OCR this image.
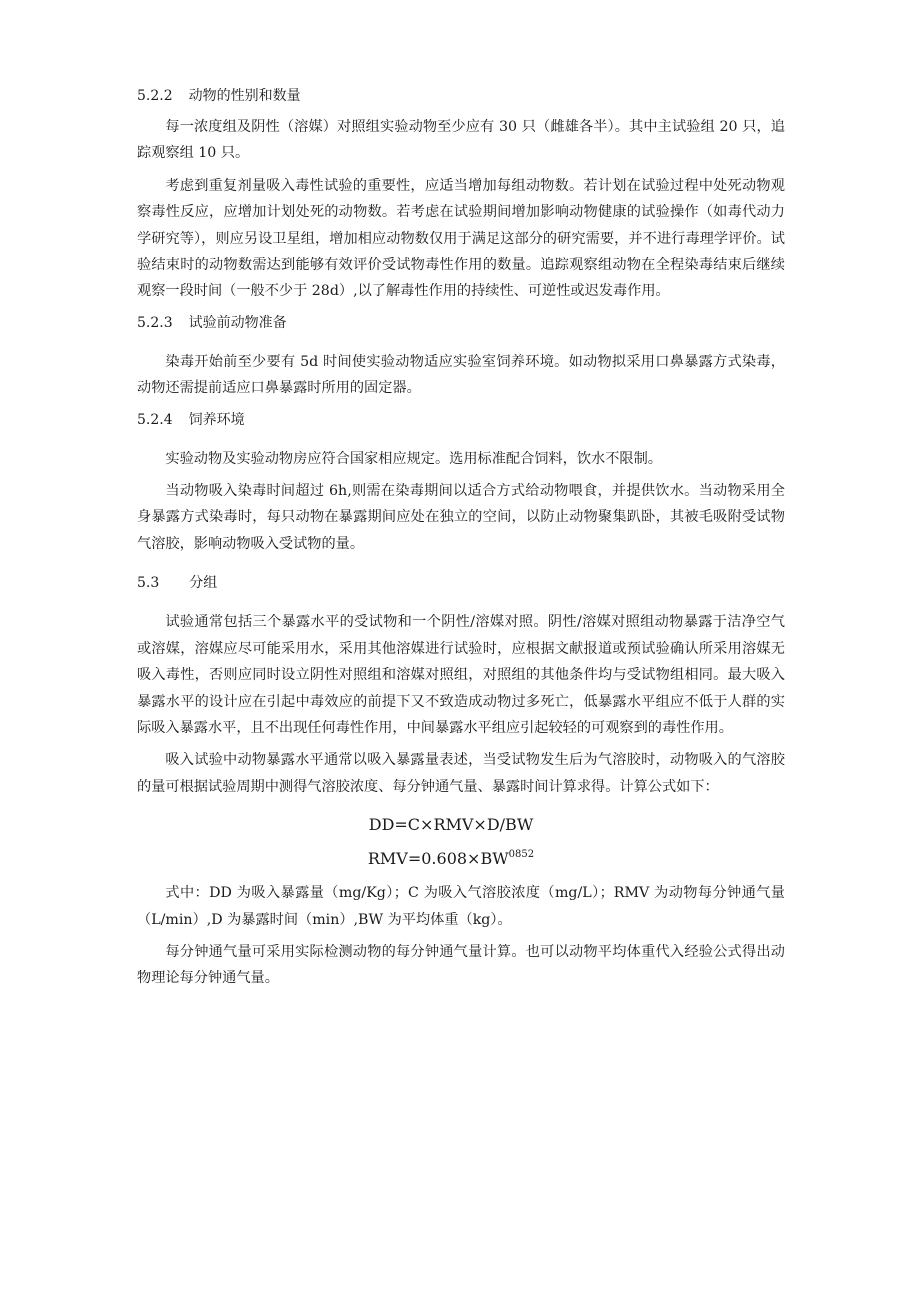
5.2.2 动物的性别和数量

每一浓度组及阴性（溶媒）对照组实验动物至少应有 30 只（雌雄各半）。其中主试验组 20 只，追踪观察组 10 只。

考虑到重复剂量吸入毒性试验的重要性，应适当增加每组动物数。若计划在试验过程中处死动物观察毒性反应，应增加计划处死的动物数。若考虑在试验期间增加影响动物健康的试验操作（如毒代动力学研究等），则应另设卫星组，增加相应动物数仅用于满足这部分的研究需要，并不进行毒理学评价。试验结束时的动物数需达到能够有效评价受试物毒性作用的数量。追踪观察组动物在全程染毒结束后继续观察一段时间（一般不少于 28d）,以了解毒性作用的持续性、可逆性或迟发毒作用。

5.2.3 试验前动物准备

染毒开始前至少要有 5d 时间使实验动物适应实验室饲养环境。如动物拟采用口鼻暴露方式染毒，动物还需提前适应口鼻暴露时所用的固定器。

5.2.4 饲养环境

实验动物及实验动物房应符合国家相应规定。选用标准配合饲料，饮水不限制。

当动物吸入染毒时间超过 6h,则需在染毒期间以适合方式给动物喂食，并提供饮水。当动物采用全身暴露方式染毒时，每只动物在暴露期间应处在独立的空间，以防止动物聚集趴卧，其被毛吸附受试物气溶胶，影响动物吸入受试物的量。

5.3 分组

试验通常包括三个暴露水平的受试物和一个阴性/溶媒对照。阴性/溶媒对照组动物暴露于洁净空气或溶媒，溶媒应尽可能采用水，采用其他溶媒进行试验时，应根据文献报道或预试验确认所采用溶媒无吸入毒性，否则应同时设立阴性对照组和溶媒对照组，对照组的其他条件均与受试物组相同。最大吸入暴露水平的设计应在引起中毒效应的前提下又不致造成动物过多死亡，低暴露水平组应不低于人群的实际吸入暴露水平，且不出现任何毒性作用，中间暴露水平组应引起较轻的可观察到的毒性作用。

吸入试验中动物暴露水平通常以吸入暴露量表述，当受试物发生后为气溶胶时，动物吸入的气溶胶的量可根据试验周期中测得气溶胶浓度、每分钟通气量、暴露时间计算求得。计算公式如下：

DD=C×RMV×D/BW

$RMV=0.608\times BW^{0852}$

式中：DD 为吸入暴露量（mg/Kg）；C 为吸入气溶胶浓度（mg/L）；RMV 为动物每分钟通气量（L/min）,D 为暴露时间（min）,BW 为平均体重（kg）。

每分钟通气量可采用实际检测动物的每分钟通气量计算。也可以动物平均体重代入经验公式得出动物理论每分钟通气量。
